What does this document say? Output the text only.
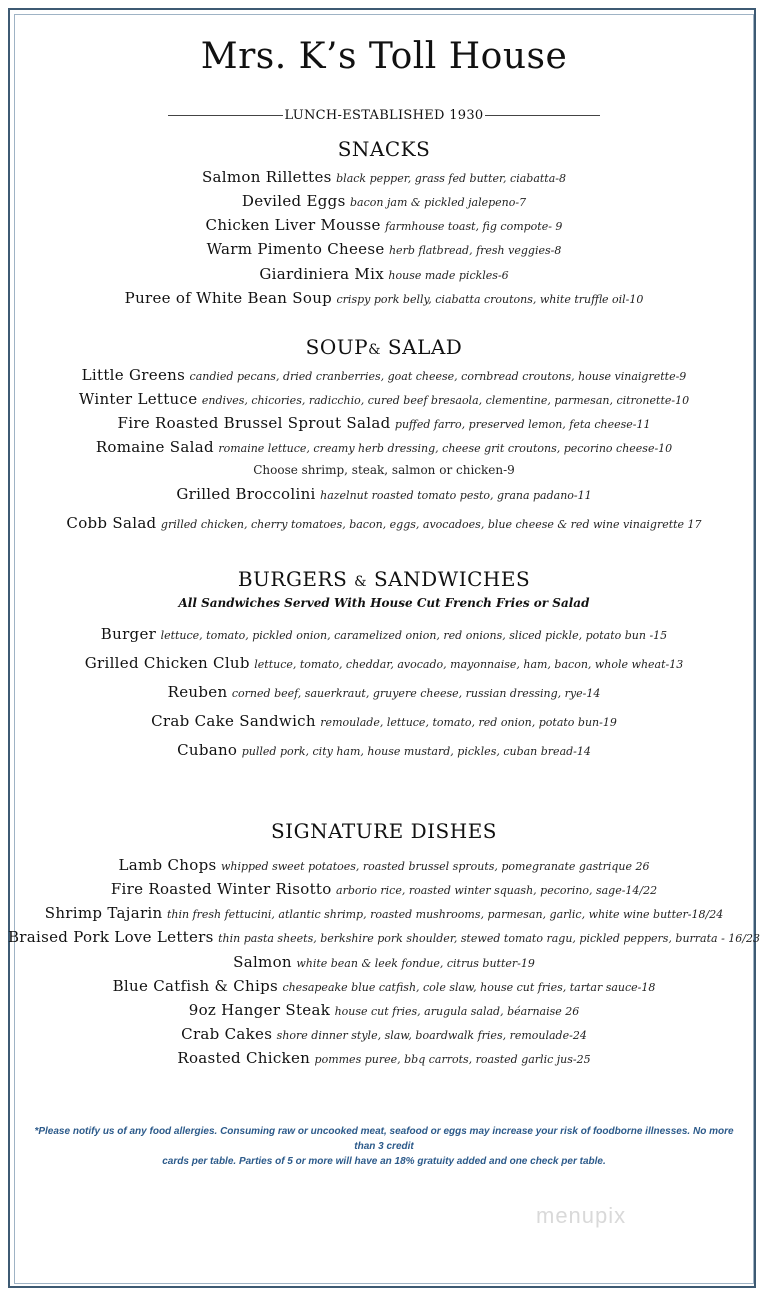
Mrs. K’s Toll House
LUNCH-ESTABLISHED 1930
SNACKS
Salmon Rillettes black pepper, grass fed butter, ciabatta-8
Deviled Eggs bacon jam & pickled jalepeno-7
Chicken Liver Mousse farmhouse toast, fig compote- 9
Warm Pimento Cheese herb flatbread, fresh veggies-8
Giardiniera Mix house made pickles-6
Puree of White Bean Soup crispy pork belly, ciabatta croutons, white truffle oil-10
SOUP& SALAD
Little Greens candied pecans, dried cranberries, goat cheese, cornbread croutons, house vinaigrette-9
Winter Lettuce endives, chicories, radicchio, cured beef bresaola, clementine, parmesan, citronette-10
Fire Roasted Brussel Sprout Salad puffed farro, preserved lemon, feta cheese-11
Romaine Salad romaine lettuce, creamy herb dressing, cheese grit croutons, pecorino cheese-10
Choose shrimp, steak, salmon or chicken-9
Grilled Broccolini hazelnut roasted tomato pesto, grana padano-11
Cobb Salad grilled chicken, cherry tomatoes, bacon, eggs, avocadoes, blue cheese & red wine vinaigrette 17
BURGERS & SANDWICHES
All Sandwiches Served With House Cut French Fries or Salad
Burger lettuce, tomato, pickled onion, caramelized onion, red onions, sliced pickle, potato bun -15
Grilled Chicken Club lettuce, tomato, cheddar, avocado, mayonnaise, ham, bacon, whole wheat-13
Reuben corned beef, sauerkraut, gruyere cheese, russian dressing, rye-14
Crab Cake Sandwich remoulade, lettuce, tomato, red onion, potato bun-19
Cubano pulled pork, city ham, house mustard, pickles, cuban bread-14
SIGNATURE DISHES
Lamb Chops whipped sweet potatoes, roasted brussel sprouts, pomegranate gastrique 26
Fire Roasted Winter Risotto arborio rice, roasted winter squash, pecorino, sage-14/22
Shrimp Tajarin thin fresh fettucini, atlantic shrimp, roasted mushrooms, parmesan, garlic, white wine butter-18/24
Braised Pork Love Letters thin pasta sheets, berkshire pork shoulder, stewed tomato ragu, pickled peppers, burrata - 16/23
Salmon white bean & leek fondue, citrus butter-19
Blue Catfish & Chips chesapeake blue catfish, cole slaw, house cut fries, tartar sauce-18
9oz Hanger Steak house cut fries, arugula salad, béarnaise 26
Crab Cakes shore dinner style, slaw, boardwalk fries, remoulade-24
Roasted Chicken pommes puree, bbq carrots, roasted garlic jus-25
*Please notify us of any food allergies. Consuming raw or uncooked meat, seafood or eggs may increase your risk of foodborne illnesses. No more than 3 credit
cards per table. Parties of 5 or more will have an 18% gratuity added and one check per table.
menupix
